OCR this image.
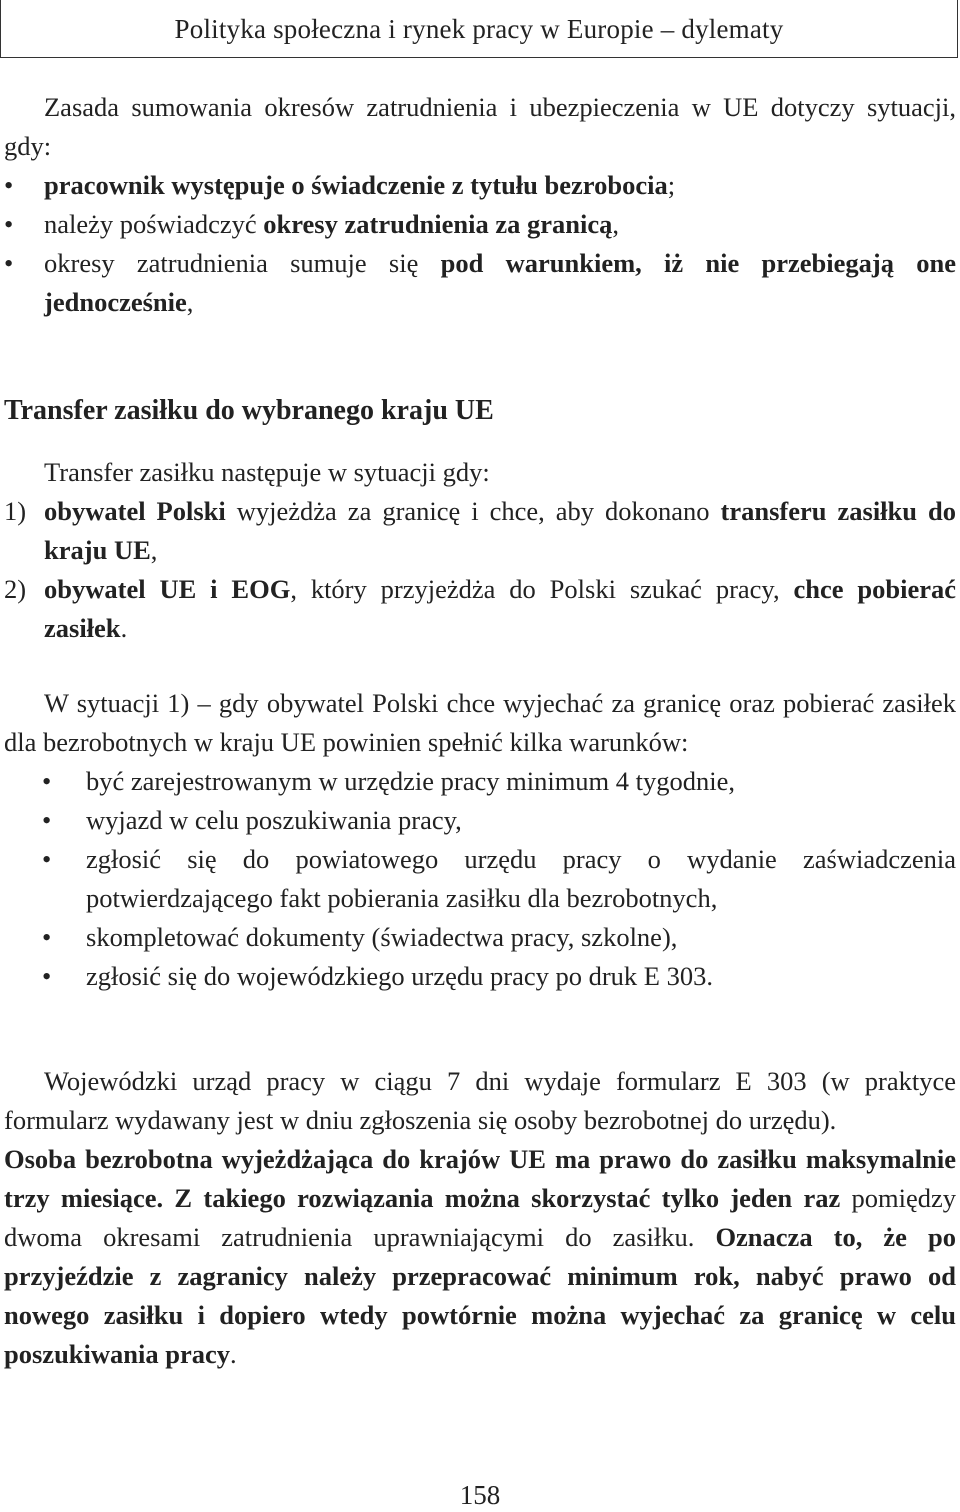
Polityka społeczna i rynek pracy w Europie – dylematy

Zasada sumowania okresów zatrudnienia i ubezpieczenia w UE dotyczy sytuacji, gdy:

• pracownik występuje o świadczenie z tytułu bezrobocia;

• należy poświadczyć okresy zatrudnienia za granicą,

• okresy zatrudnienia sumuje się pod warunkiem, iż nie przebiegają one jednocześnie,

Transfer zasiłku do wybranego kraju UE

Transfer zasiłku następuje w sytuacji gdy:

1) obywatel Polski wyjeżdża za granicę i chce, aby dokonano transferu zasiłku do kraju UE,

2) obywatel UE i EOG, który przyjeżdża do Polski szukać pracy, chce pobierać zasiłek.

W sytuacji 1) – gdy obywatel Polski chce wyjechać za granicę oraz pobierać zasiłek dla bezrobotnych w kraju UE powinien spełnić kilka warunków:

• być zarejestrowanym w urzędzie pracy minimum 4 tygodnie,

• wyjazd w celu poszukiwania pracy,

• zgłosić się do powiatowego urzędu pracy o wydanie zaświadczenia potwierdzającego fakt pobierania zasiłku dla bezrobotnych,

• skompletować dokumenty (świadectwa pracy, szkolne),

• zgłosić się do wojewódzkiego urzędu pracy po druk E 303.

Wojewódzki urząd pracy w ciągu 7 dni wydaje formularz E 303 (w praktyce formularz wydawany jest w dniu zgłoszenia się osoby bezrobotnej do urzędu).

Osoba bezrobotna wyjeżdżająca do krajów UE ma prawo do zasiłku maksymalnie trzy miesiące. Z takiego rozwiązania można skorzystać tylko jeden raz pomiędzy dwoma okresami zatrudnienia uprawniającymi do zasiłku. Oznacza to, że po przyjeździe z zagranicy należy przepracować minimum rok, nabyć prawo od nowego zasiłku i dopiero wtedy powtórnie można wyjechać za granicę w celu poszukiwania pracy.

158
